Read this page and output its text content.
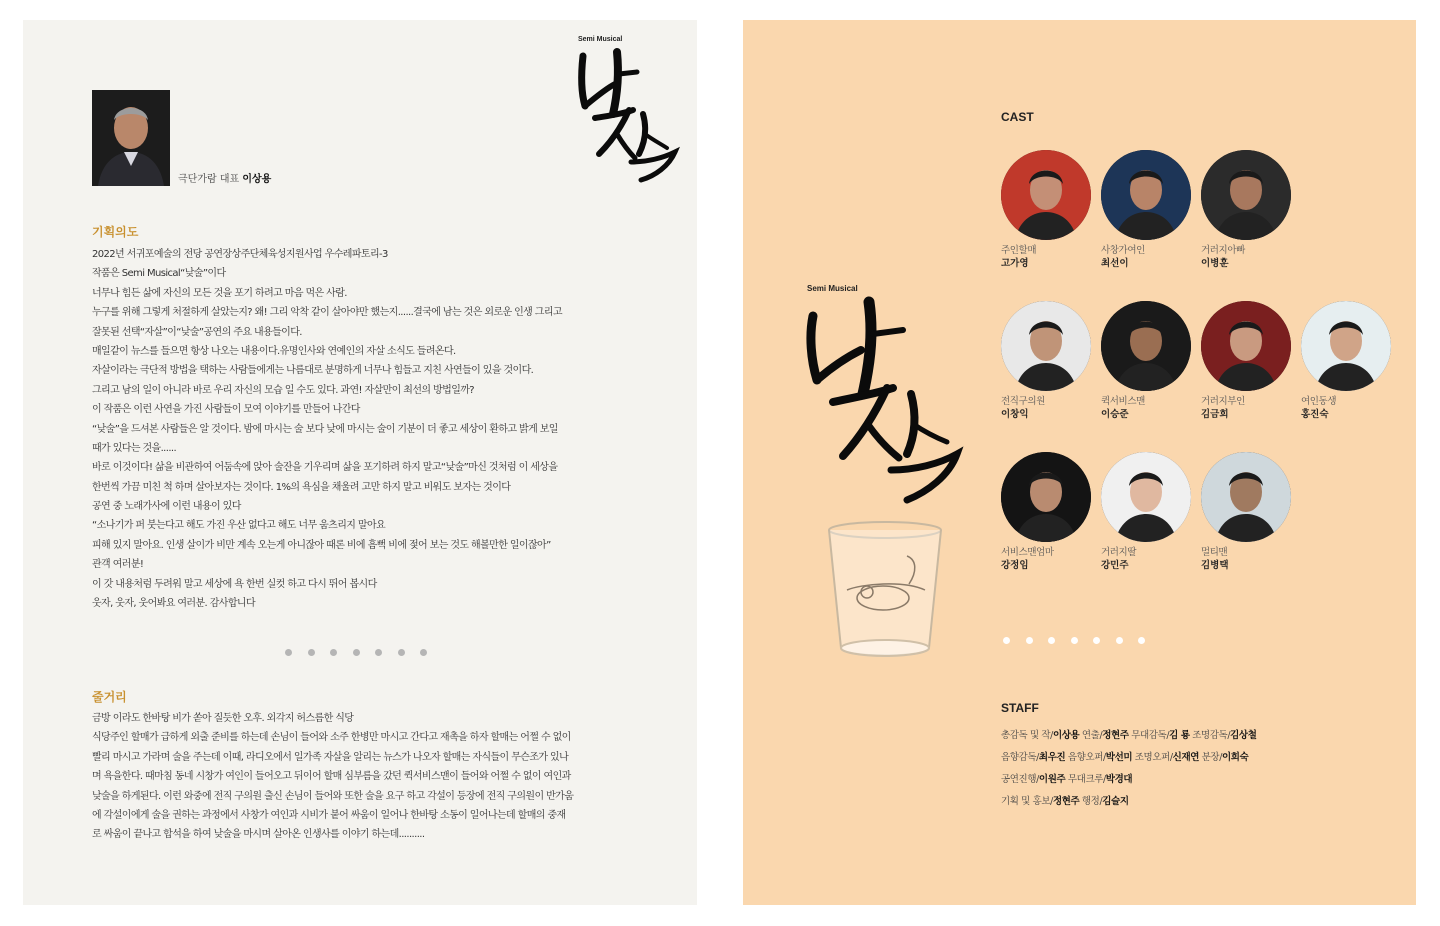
Semi Musical
극단가람 대표 이상용
기획의도
2022년 서귀포예술의 전당 공연장상주단체육성지원사업 우수레파토리-3
작품은 Semi Musical“낮술”이다
너무나 힘든 삶에 자신의 모든 것을 포기 하려고 마음 먹은 사람.
누구를 위해 그렇게 처절하게 살았는지? 왜! 그리 악착 같이 살아야만 했는지......결국에 남는 것은 외로운 인생 그리고
잘못된 선택“자살”이“낮술”공연의 주요 내용들이다.
매일같이 뉴스를 들으면 항상 나오는 내용이다.유명인사와 연예인의 자살 소식도 들려온다.
자살이라는 극단적 방법을 택하는 사람들에게는 나름대로 분명하게 너무나 힘들고 지친 사연들이 있을 것이다.
그리고 남의 일이 아니라 바로 우리 자신의 모습 일 수도 있다. 과연! 자살만이 최선의 방법일까?
이 작품은 이런 사연을 가진 사람들이 모여 이야기를 만들어 나간다
“낮술”을 드셔본 사람들은 알 것이다. 밤에 마시는 술 보다 낮에 마시는 술이 기분이 더 좋고 세상이 환하고 밝게 보일
때가 있다는 것을......
바로 이것이다! 삶을 비관하여 어둠속에 앉아 술잔을 기우리며 삶을 포기하려 하지 말고“낮술”마신 것처럼 이 세상을
한번씩 가끔 미친 척 하며 살아보자는 것이다. 1%의 욕심을 채울려 고만 하지 말고 비워도 보자는 것이다
공연 중 노래가사에 이런 내용이 있다
“소나기가 퍼 붓는다고 해도 가진 우산 없다고 해도 너무 움츠리지 말아요
피해 있지 말아요. 인생 살이가 비만 계속 오는게 아니잖아 때론 비에 흠뻑 비에 젖어 보는 것도 해볼만한 일이잖아”
관객 여러분!
이 갓 내용처럼 두려워 말고 세상에 욕 한번 실컷 하고 다시 뛰어 봅시다
웃자, 웃자, 웃어봐요 여러분. 감사합니다
줄거리
금방 이라도 한바탕 비가 쏟아 질듯한 오후. 외각지 허스름한 식당
식당주인 할매가 급하게 외출 준비를 하는데 손님이 들어와 소주 한병만 마시고 간다고 재촉을 하자 할매는 어쩔 수 없이
빨리 마시고 가라며 술을 주는데 이때, 라디오에서 일가족 자살을 알리는 뉴스가 나오자 할매는 자식들이 무슨조가 있나
며 욕을한다. 때마침 동네 시창가 여인이 들어오고 뒤이어 할매 심부름을 갔던 퀵서비스맨이 들어와 어쩔 수 없이 여인과
낮술을 하게된다. 이런 와중에 전직 구의원 출신 손님이 들어와 또한 술을 요구 하고 각설이 등장에 전직 구의원이 반가움
에 각설이에게 술을 권하는 과정에서 사창가 여인과 시비가 붙어 싸움이 일어나 한바탕 소동이 일어나는데 할매의 중재
로 싸움이 끝나고 합석을 하여 낮술을 마시며 살아온 인생사를 이야기 하는데..........
Semi Musical
CAST
주인할매
고가영
사창가여인
최선이
거러지아빠
이병훈
전직구의원
이창익
퀵서비스맨
이승준
거러지부인
김금희
여인동생
홍진숙
서비스맨엄마
강정임
거러지딸
강민주
멀티맨
김병택
STAFF
총감독 및 작/이상용 연출/정현주 무대감독/김 룡 조명감독/김상철
음향감독/최우진 음향오퍼/박선미 조명오퍼/신재연 분장/이희숙
공연진행/이원주 무대크루/박경대
기획 및 홍보/정현주 행정/김슬지
